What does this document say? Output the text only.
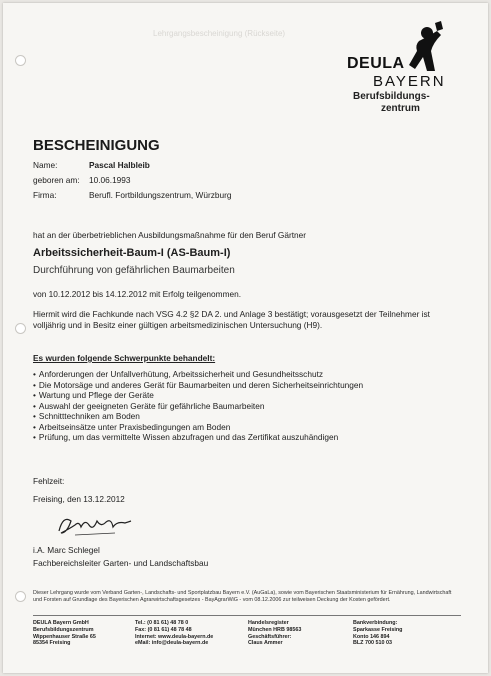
Lehrgangsbescheinigung (Rückseite)
DEULA
BAYERN
Berufsbildungs-
zentrum
BESCHEINIGUNG
Name:	Pascal Halbleib
geboren am: 10.06.1993
Firma:	Berufl. Fortbildungszentrum, Würzburg
hat an der überbetrieblichen Ausbildungsmaßnahme für den Beruf Gärtner
Arbeitssicherheit-Baum-I (AS-Baum-I)
Durchführung von gefährlichen Baumarbeiten
von 10.12.2012 bis 14.12.2012 mit Erfolg teilgenommen.
Hiermit wird die Fachkunde nach VSG 4.2 §2 DA 2. und Anlage 3 bestätigt; vorausgesetzt der Teilnehmer ist volljährig und in Besitz einer gültigen arbeitsmedizinischen Untersuchung (H9).
Es wurden folgende Schwerpunkte behandelt:
• Anforderungen der Unfallverhütung, Arbeitssicherheit und Gesundheitsschutz
• Die Motorsäge und anderes Gerät für Baumarbeiten und deren Sicherheitseinrichtungen
• Wartung und Pflege der Geräte
• Auswahl der geeigneten Geräte für gefährliche Baumarbeiten
• Schnitttechniken am Boden
• Arbeitseinsätze unter Praxisbedingungen am Boden
• Prüfung, um das vermittelte Wissen abzufragen und das Zertifikat auszuhändigen
Fehlzeit:
Freising, den 13.12.2012
i.A. Marc Schlegel
Fachbereichsleiter Garten- und Landschaftsbau
Dieser Lehrgang wurde vom Verband Garten-, Landschafts- und Sportplatzbau Bayern e.V. (AuGaLa), sowie vom Bayerischen Staatsministerium für Ernährung, Landwirtschaft und Forsten auf Grundlage des Bayerischen Agrarwirtschaftsgesetzes - BayAgrarWiG - vom 08.12.2006 zur teilweisen Deckung der Kosten gefördert.
DEULA Bayern GmbH
Berufsbildungszentrum
Wippenhauser Straße 65
85354 Freising
Tel.: (0 81 61) 48 78 0
Fax: (0 81 61) 48 78 48
Internet: www.deula-bayern.de
eMail: info@deula-bayern.de
Handelsregister
München HRB 98563
Geschäftsführer:
Claus Ammer
Bankverbindung:
Sparkasse Freising
Konto 146 894
BLZ 700 510 03
